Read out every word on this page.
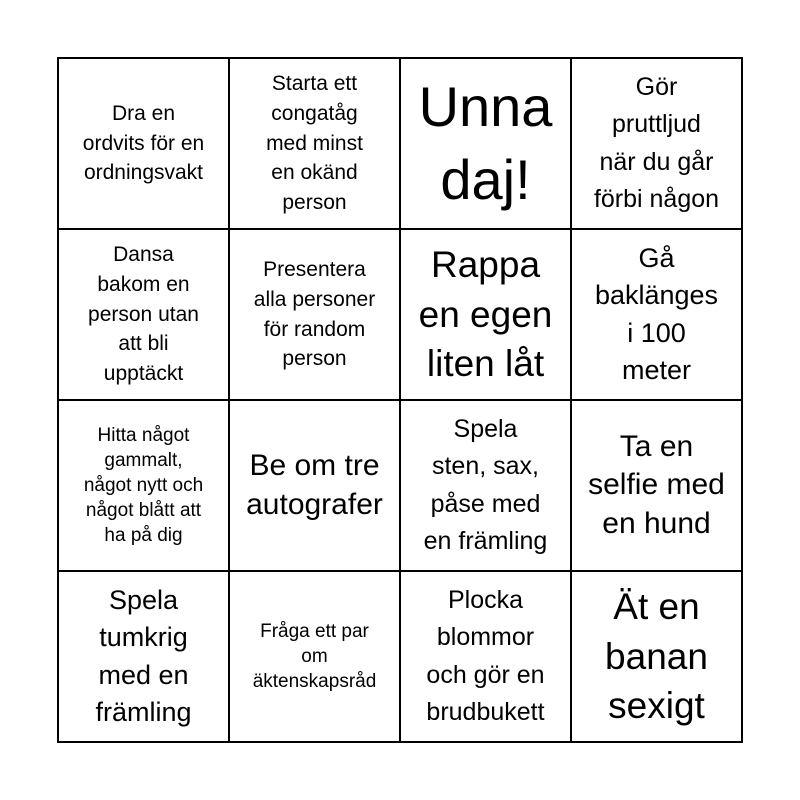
Dra en
ordvits för en
ordningsvakt
Starta ett
congatåg
med minst
en okänd
person
Unna
daj!
Gör
pruttljud
när du går
förbi någon
Dansa
bakom en
person utan
att bli
upptäckt
Presentera
alla personer
för random
person
Rappa
en egen
liten låt
Gå
baklänges
i 100
meter
Hitta något
gammalt,
något nytt och
något blått att
ha på dig
Be om tre
autografer
Spela
sten, sax,
påse med
en främling
Ta en
selfie med
en hund
Spela
tumkrig
med en
främling
Fråga ett par
om
äktenskapsråd
Plocka
blommor
och gör en
brudbukett
Ät en
banan
sexigt
